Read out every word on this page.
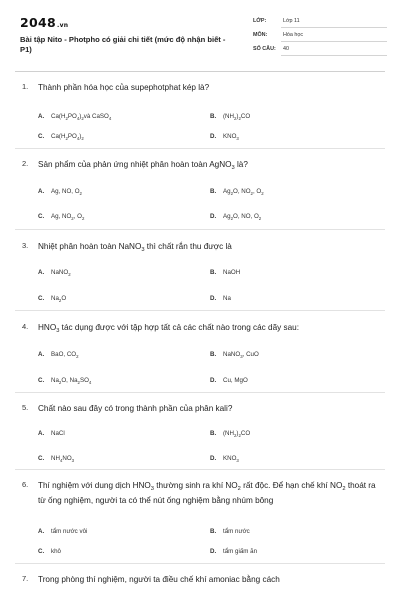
2048.vn
Bài tập Nito - Photpho có giải chi tiết (mức độ nhận biết - P1)
LỚP:	Lớp 11
MÔN:	Hóa học
SỐ CÂU: 40
1. Thành phần hóa học của supephotphat kép là?
A. $Ca(H_2PO_4)_2và$ CaSO$_4$	B. $(NH_2)_2CO$
C. $Ca(H_2PO_4)_2$	D. $KNO_3$
2. Sản phẩm của phản ứng nhiệt phân hoàn toàn AgNO$_3$ là?
A. Ag, NO, $O_2$	B. $Ag_2O$, $NO_2$, $O_2$
C. Ag, $NO_2$, $O_2$	D. $Ag_2O$, NO, $O_2$
3. Nhiệt phân hoàn toàn NaNO$_3$ thì chất rắn thu được là
A. NaNO$_2$	B. NaOH
C. $Na_2O$	D. Na
4. $HNO_3$ tác dụng được với tập hợp tất cả các chất nào trong các dãy sau:
A. BaO, $CO_2$	B. NaNO$_3$, CuO
C. $Na_2O$, $Na_2SO_4$	D. Cu, MgO
5. Chất nào sau đây có trong thành phần của phân kali?
A. NaCl	B. $(NH_2)_2CO$
C. $NH_4NO_3$	D. $KNO_3$
6. Thí nghiệm với dung dịch $HNO_3$ thường sinh ra khí $NO_2$ rất độc. Để hạn chế khí $NO_2$ thoát ra từ ống nghiệm, người ta có thể nút ống nghiệm bằng nhúm bông
A. tẩm nước vôi	B. tẩm nước
C. khô	D. tẩm giấm ăn
7. Trong phòng thí nghiệm, người ta điều chế khí amoniac bằng cách
